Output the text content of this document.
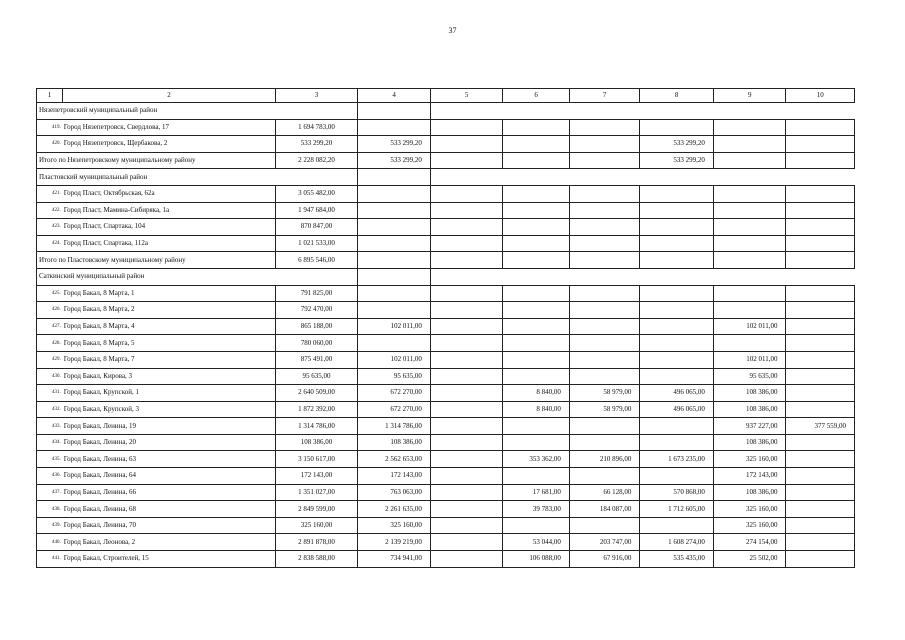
37
1	2	3	4	5	6	7	8	9	10
Нязепетровский муниципальный район									
419.	Город Нязепетровск, Свердлова, 17	1 694 783,00							
420.	Город Нязепетровск, Щербакова, 2	533 299,20	533 299,20				533 299,20		
Итого по Нязепетровскому муниципальному району		2 228 082,20	533 299,20				533 299,20		
Пластовский муниципальный район									
421.	Город Пласт, Октябрьская, 62а	3 055 482,00							
422.	Город Пласт, Мамина-Сибиряка, 1а	1 947 684,00							
423.	Город Пласт, Спартака, 104	870 847,00							
424.	Город Пласт, Спартака, 112а	1 021 533,00							
Итого по Пластовскому муниципальному району		6 895 546,00							
Саткинский муниципальный район									
425.	Город Бакал, 8 Марта, 1	791 825,00							
426.	Город Бакал, 8 Марта, 2	792 470,00							
427.	Город Бакал, 8 Марта, 4	865 188,00	102 011,00					102 011,00	
428.	Город Бакал, 8 Марта, 5	780 060,00							
429.	Город Бакал, 8 Марта, 7	875 491,00	102 011,00					102 011,00	
430.	Город Бакал, Кирова, 3	95 635,00	95 635,00					95 635,00	
431.	Город Бакал, Крупской, 1	2 640 509,00	672 270,00		8 840,00	58 979,00	496 065,00	108 386,00	
432.	Город Бакал, Крупской, 3	1 872 392,00	672 270,00		8 840,00	58 979,00	496 065,00	108 386,00	
433.	Город Бакал, Ленина, 19	1 314 786,00	1 314 786,00					937 227,00	377 559,00
434.	Город Бакал, Ленина, 20	108 386,00	108 386,00					108 386,00	
435.	Город Бакал, Ленина, 63	3 150 617,00	2 562 653,00		353 362,00	210 896,00	1 673 235,00	325 160,00	
436.	Город Бакал, Ленина, 64	172 143,00	172 143,00					172 143,00	
437.	Город Бакал, Ленина, 66	1 351 027,00	763 063,00		17 681,00	66 128,00	570 868,00	108 386,00	
438.	Город Бакал, Ленина, 68	2 849 599,00	2 261 635,00		39 783,00	184 087,00	1 712 605,00	325 160,00	
439.	Город Бакал, Ленина, 70	325 160,00	325 160,00					325 160,00	
440.	Город Бакал, Леонова, 2	2 891 878,00	2 139 219,00		53 044,00	203 747,00	1 608 274,00	274 154,00	
441.	Город Бакал, Строителей, 15	2 838 588,00	734 941,00		106 088,00	67 916,00	535 435,00	25 502,00	
